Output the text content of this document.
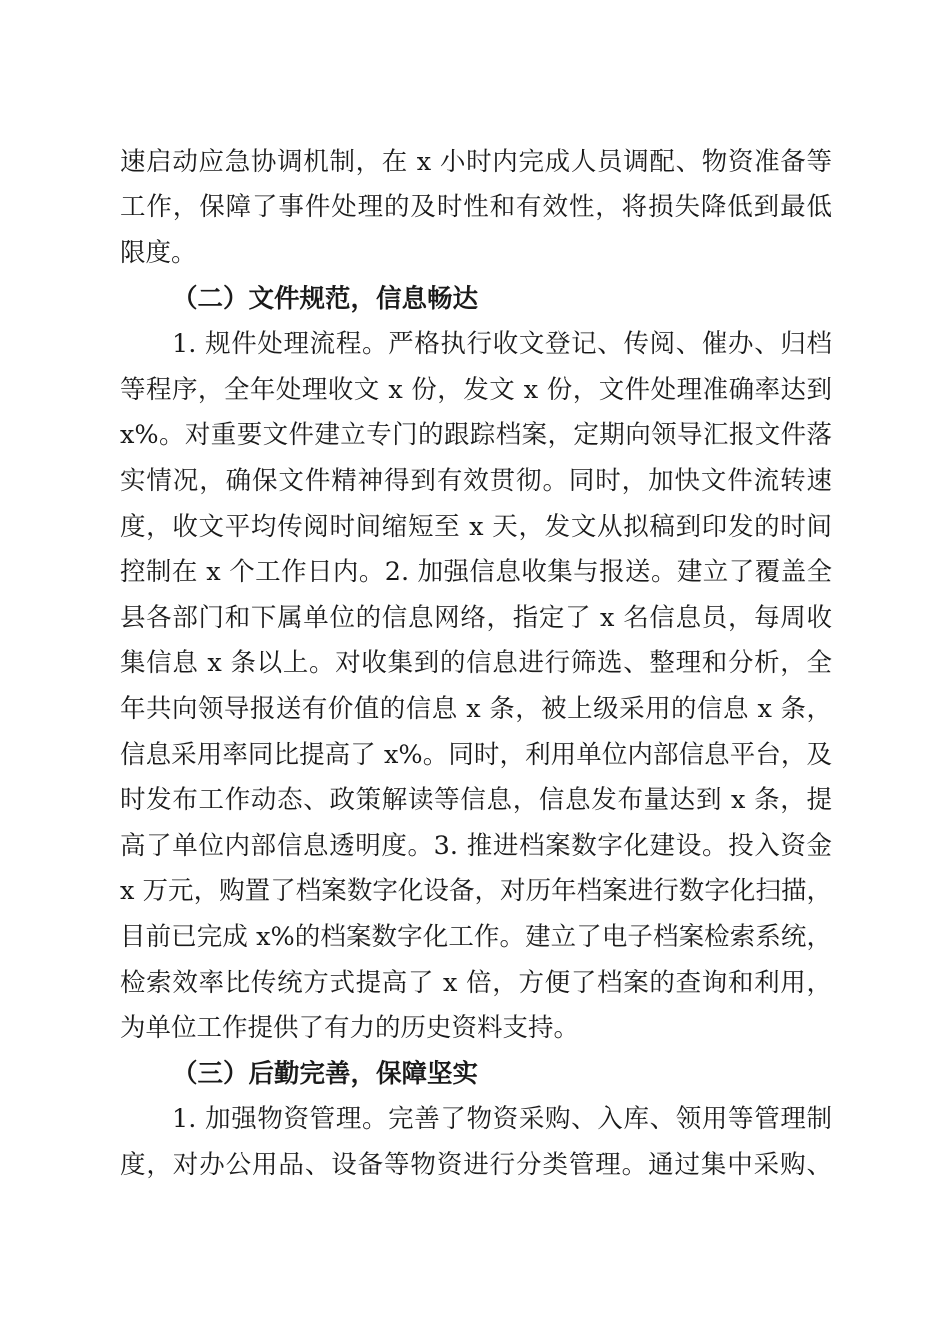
速启动应急协调机制，在 x 小时内完成人员调配、物资准备等
工作，保障了事件处理的及时性和有效性，将损失降低到最低
限度。
（二）文件规范，信息畅达
1. 规件处理流程。严格执行收文登记、传阅、催办、归档
等程序，全年处理收文 x 份，发文 x 份，文件处理准确率达到
x%。对重要文件建立专门的跟踪档案，定期向领导汇报文件落
实情况，确保文件精神得到有效贯彻。同时，加快文件流转速
度，收文平均传阅时间缩短至 x 天，发文从拟稿到印发的时间
控制在 x 个工作日内。2. 加强信息收集与报送。建立了覆盖全
县各部门和下属单位的信息网络，指定了 x 名信息员，每周收
集信息 x 条以上。对收集到的信息进行筛选、整理和分析，全
年共向领导报送有价值的信息 x 条，被上级采用的信息 x 条，
信息采用率同比提高了 x%。同时，利用单位内部信息平台，及
时发布工作动态、政策解读等信息，信息发布量达到 x 条，提
高了单位内部信息透明度。3. 推进档案数字化建设。投入资金
x 万元，购置了档案数字化设备，对历年档案进行数字化扫描，
目前已完成 x%的档案数字化工作。建立了电子档案检索系统，
检索效率比传统方式提高了 x 倍，方便了档案的查询和利用，
为单位工作提供了有力的历史资料支持。
（三）后勤完善，保障坚实
1. 加强物资管理。完善了物资采购、入库、领用等管理制
度，对办公用品、设备等物资进行分类管理。通过集中采购、
